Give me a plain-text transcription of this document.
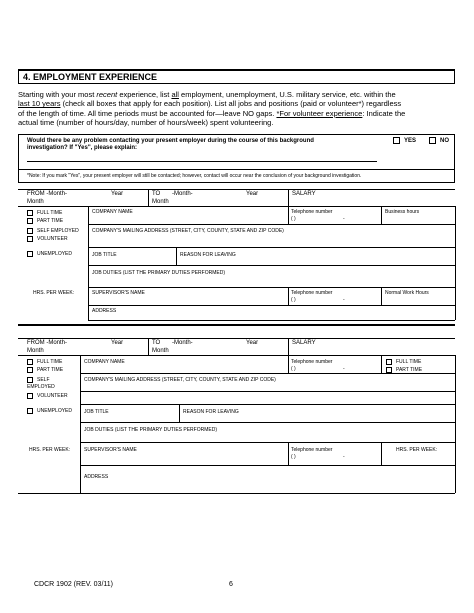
4. EMPLOYMENT EXPERIENCE
Starting with your most recent experience, list all employment, unemployment, U.S. military service, etc. within the
last 10 years (check all boxes that apply for each position). List all jobs and positions (paid or volunteer*) regardless
of the length of time. All time periods must be accounted for—leave NO gaps. *For volunteer experience: Indicate the
actual time (number of hours/day, number of hours/week) spent volunteering.
Would there be any problem contacting your present employer during the course of this background
investigation? If "Yes", please explain:
YES	NO
*Note: If you mark "Yes", your present employer will still be contacted; however, contact will occur near the conclusion of your background investigation.
FROM -Month-
Month
Year	TO -Month-
Month
Year	SALARY
FULL TIME
PART TIME
SELF EMPLOYED
VOLUNTEER
UNEMPLOYED
HRS. PER WEEK:
COMPANY NAME	Telephone number
( )	-
Business hours
COMPANY'S MAILING ADDRESS (STREET, CITY, COUNTY, STATE AND ZIP CODE)
JOB TITLE	REASON FOR LEAVING
JOB DUTIES (LIST THE PRIMARY DUTIES PERFORMED)
SUPERVISOR'S NAME	Telephone number
( )	-
Normal Work Hours
ADDRESS
FROM -Month-
Month
Year	TO -Month-
Month
Year	SALARY
FULL TIME
PART TIME
SELF
EMPLOYED
VOLUNTEER
UNEMPLOYED
HRS. PER WEEK:
COMPANY NAME	Telephone number
( )	-
FULL TIME
PART TIME
COMPANY'S MAILING ADDRESS (STREET, CITY, COUNTY, STATE AND ZIP CODE)
JOB TITLE	REASON FOR LEAVING
JOB DUTIES (LIST THE PRIMARY DUTIES PERFORMED)
SUPERVISOR'S NAME	Telephone number
( )	-
HRS. PER WEEK:
ADDRESS
CDCR 1902 (REV. 03/11)	6
